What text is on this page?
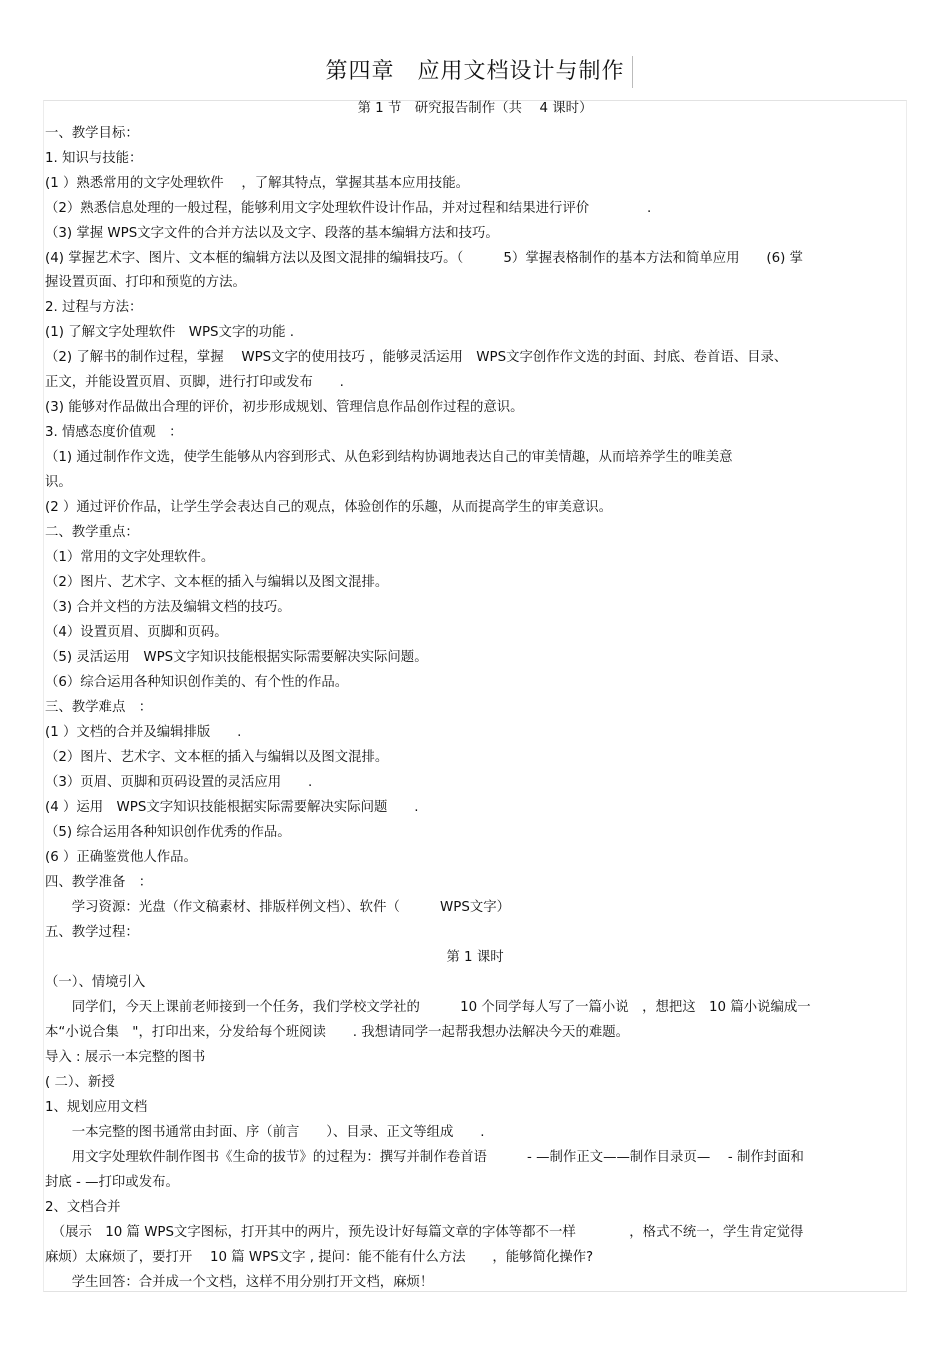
第四章　应用文档设计与制作
第 1 节　研究报告制作（共　 4 课时）
一、教学目标：
1. 知识与技能：
(1 ）熟悉常用的文字处理软件　 ，了解其特点，掌握其基本应用技能。
（2）熟悉信息处理的一般过程，能够利用文字处理软件设计作品，并对过程和结果进行评价　　　　 .
（3) 掌握 WPS文字文件的合并方法以及文字、段落的基本编辑方法和技巧。
(4) 掌握艺术字、图片、文本框的编辑方法以及图文混排的编辑技巧。（　　　5）掌握表格制作的基本方法和简单应用　　(6) 掌
握设置页面、打印和预览的方法。
2. 过程与方法：
(1) 了解文字处理软件　WPS文字的功能 .
（2) 了解书的制作过程，掌握　 WPS文字的使用技巧 ，能够灵活运用　WPS文字创作作文选的封面、封底、卷首语、目录、
正文，并能设置页眉、页脚，进行打印或发布　　.
(3) 能够对作品做出合理的评价，初步形成规划、管理信息作品创作过程的意识。
3. 情感态度价值观　：
（1) 通过制作作文选，使学生能够从内容到形式、从色彩到结构协调地表达自己的审美情趣，从而培养学生的唯美意
识。
(2 ）通过评价作品，让学生学会表达自己的观点，体验创作的乐趣，从而提高学生的审美意识。
二、教学重点：
（1）常用的文字处理软件。
（2）图片、艺术字、文本框的插入与编辑以及图文混排。
（3) 合并文档的方法及编辑文档的技巧。
（4）设置页眉、页脚和页码。
（5) 灵活运用　WPS文字知识技能根据实际需要解决实际问题。
（6）综合运用各种知识创作美的、有个性的作品。
三、教学难点　：
(1 ）文档的合并及编辑排版　　.
（2）图片、艺术字、文本框的插入与编辑以及图文混排。
（3）页眉、页脚和页码设置的灵活应用　　.
(4 ）运用　WPS文字知识技能根据实际需要解决实际问题　　.
（5) 综合运用各种知识创作优秀的作品。
(6 ）正确鉴赏他人作品。
四、教学准备　：
　　学习资源：光盘（作文稿素材、排版样例文档）、软件（　　　WPS文字）
五、教学过程：
第 1 课时
（一）、情境引入
　　同学们，今天上课前老师接到一个任务，我们学校文学社的　　　10 个同学每人写了一篇小说　，想把这　10 篇小说编成一
本“小说合集　"，打印出来，分发给每个班阅读　　. 我想请同学一起帮我想办法解决今天的难题。
导入 : 展示一本完整的图书
( 二）、新授
1、规划应用文档
　　一本完整的图书通常由封面、序（前言　　）、目录、正文等组成　　.
　　用文字处理软件制作图书《生命的拔节》的过程为：撰写并制作卷首语　　　- —制作正文——制作目录页—　 - 制作封面和
封底 - —打印或发布。
2、文档合并
　（展示　10 篇 WPS文字图标，打开其中的两片，预先设计好每篇文章的字体等都不一样　　　　，格式不统一，学生肯定觉得
麻烦）太麻烦了，要打开　 10 篇 WPS文字 , 提问：能不能有什么方法　　，能够简化操作?
　　学生回答：合并成一个文档，这样不用分别打开文档，麻烦！
